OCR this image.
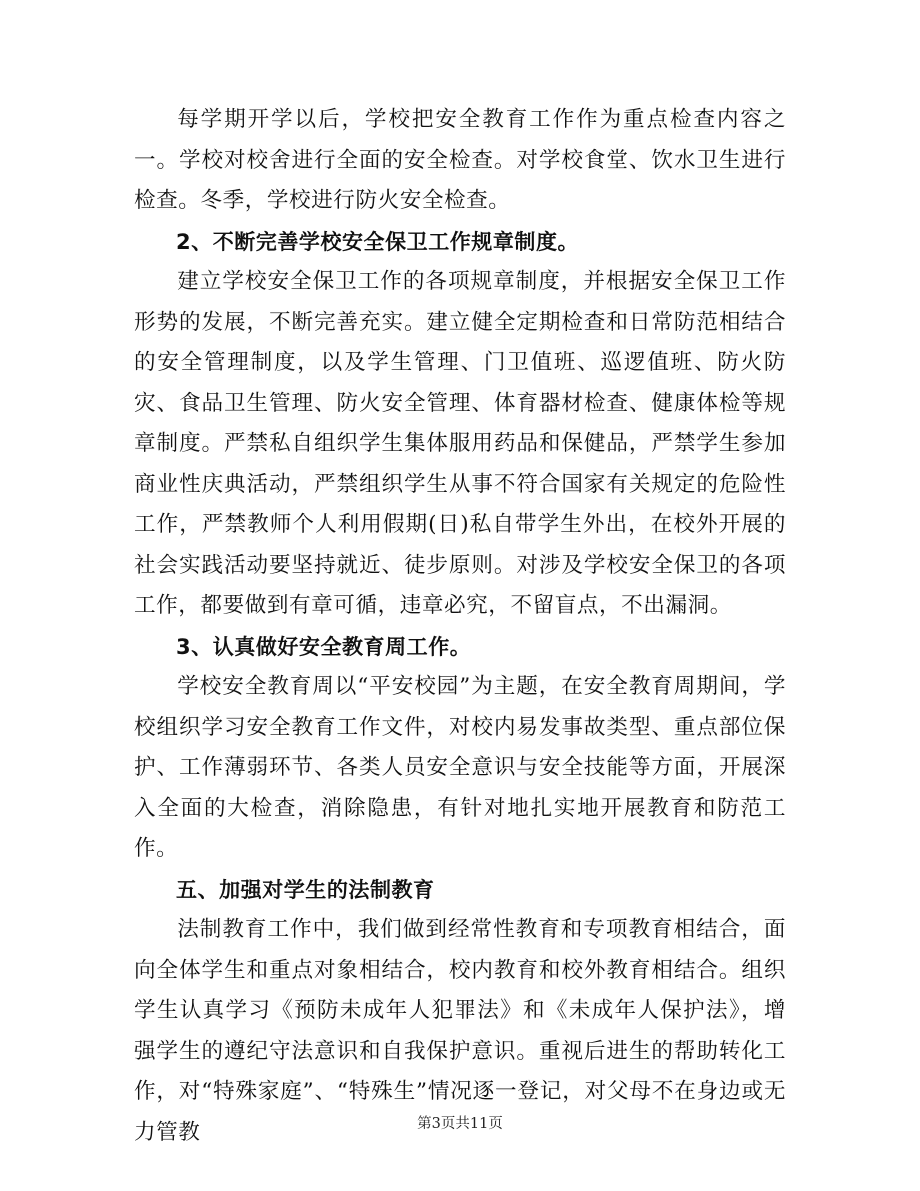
每学期开学以后，学校把安全教育工作作为重点检查内容之一。学校对校舍进行全面的安全检查。对学校食堂、饮水卫生进行检查。冬季，学校进行防火安全检查。

2、不断完善学校安全保卫工作规章制度。

建立学校安全保卫工作的各项规章制度，并根据安全保卫工作形势的发展，不断完善充实。建立健全定期检查和日常防范相结合的安全管理制度，以及学生管理、门卫值班、巡逻值班、防火防灾、食品卫生管理、防火安全管理、体育器材检查、健康体检等规章制度。严禁私自组织学生集体服用药品和保健品，严禁学生参加商业性庆典活动，严禁组织学生从事不符合国家有关规定的危险性工作，严禁教师个人利用假期(日)私自带学生外出，在校外开展的社会实践活动要坚持就近、徒步原则。对涉及学校安全保卫的各项工作，都要做到有章可循，违章必究，不留盲点，不出漏洞。

3、认真做好安全教育周工作。

学校安全教育周以“平安校园”为主题，在安全教育周期间，学校组织学习安全教育工作文件，对校内易发事故类型、重点部位保护、工作薄弱环节、各类人员安全意识与安全技能等方面，开展深入全面的大检查，消除隐患，有针对地扎实地开展教育和防范工作。

五、加强对学生的法制教育

法制教育工作中，我们做到经常性教育和专项教育相结合，面向全体学生和重点对象相结合，校内教育和校外教育相结合。组织学生认真学习《预防未成年人犯罪法》和《未成年人保护法》，增强学生的遵纪守法意识和自我保护意识。重视后进生的帮助转化工作，对“特殊家庭”、“特殊生”情况逐一登记，对父母不在身边或无力管教	第3页共11页
